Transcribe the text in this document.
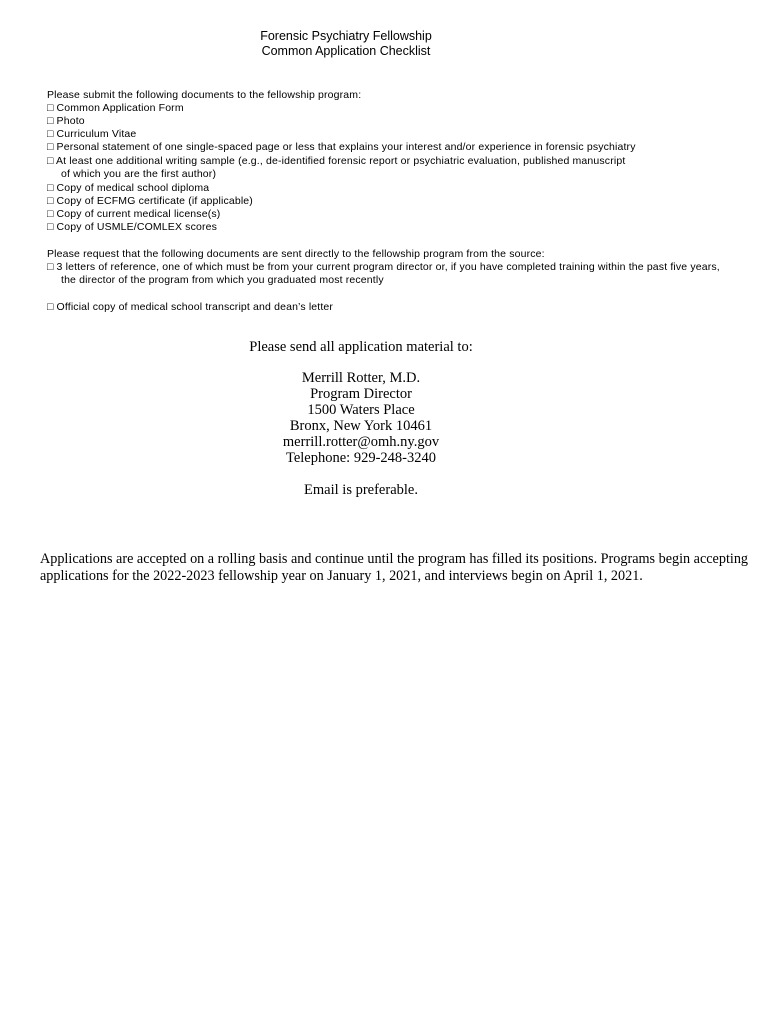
Forensic Psychiatry Fellowship
Common Application Checklist
Please submit the following documents to the fellowship program:
□ Common Application Form
□ Photo
□ Curriculum Vitae
□ Personal statement of one single-spaced page or less that explains your interest and/or experience in forensic psychiatry
□ At least one additional writing sample (e.g., de-identified forensic report or psychiatric evaluation, published manuscript
of which you are the first author)
□ Copy of medical school diploma
□ Copy of ECFMG certificate (if applicable)
□ Copy of current medical license(s)
□ Copy of USMLE/COMLEX scores
Please request that the following documents are sent directly to the fellowship program from the source:
□ 3 letters of reference, one of which must be from your current program director or, if you have completed training within the past five years,
the director of the program from which you graduated most recently
□ Official copy of medical school transcript and dean’s letter
Please send all application material to:
Merrill Rotter, M.D.
Program Director
1500 Waters Place
Bronx, New York 10461
merrill.rotter@omh.ny.gov
Telephone: 929-248-3240
Email is preferable.
Applications are accepted on a rolling basis and continue until the program has filled its positions. Programs begin accepting
applications for the 2022-2023 fellowship year on January 1, 2021, and interviews begin on April 1, 2021.
